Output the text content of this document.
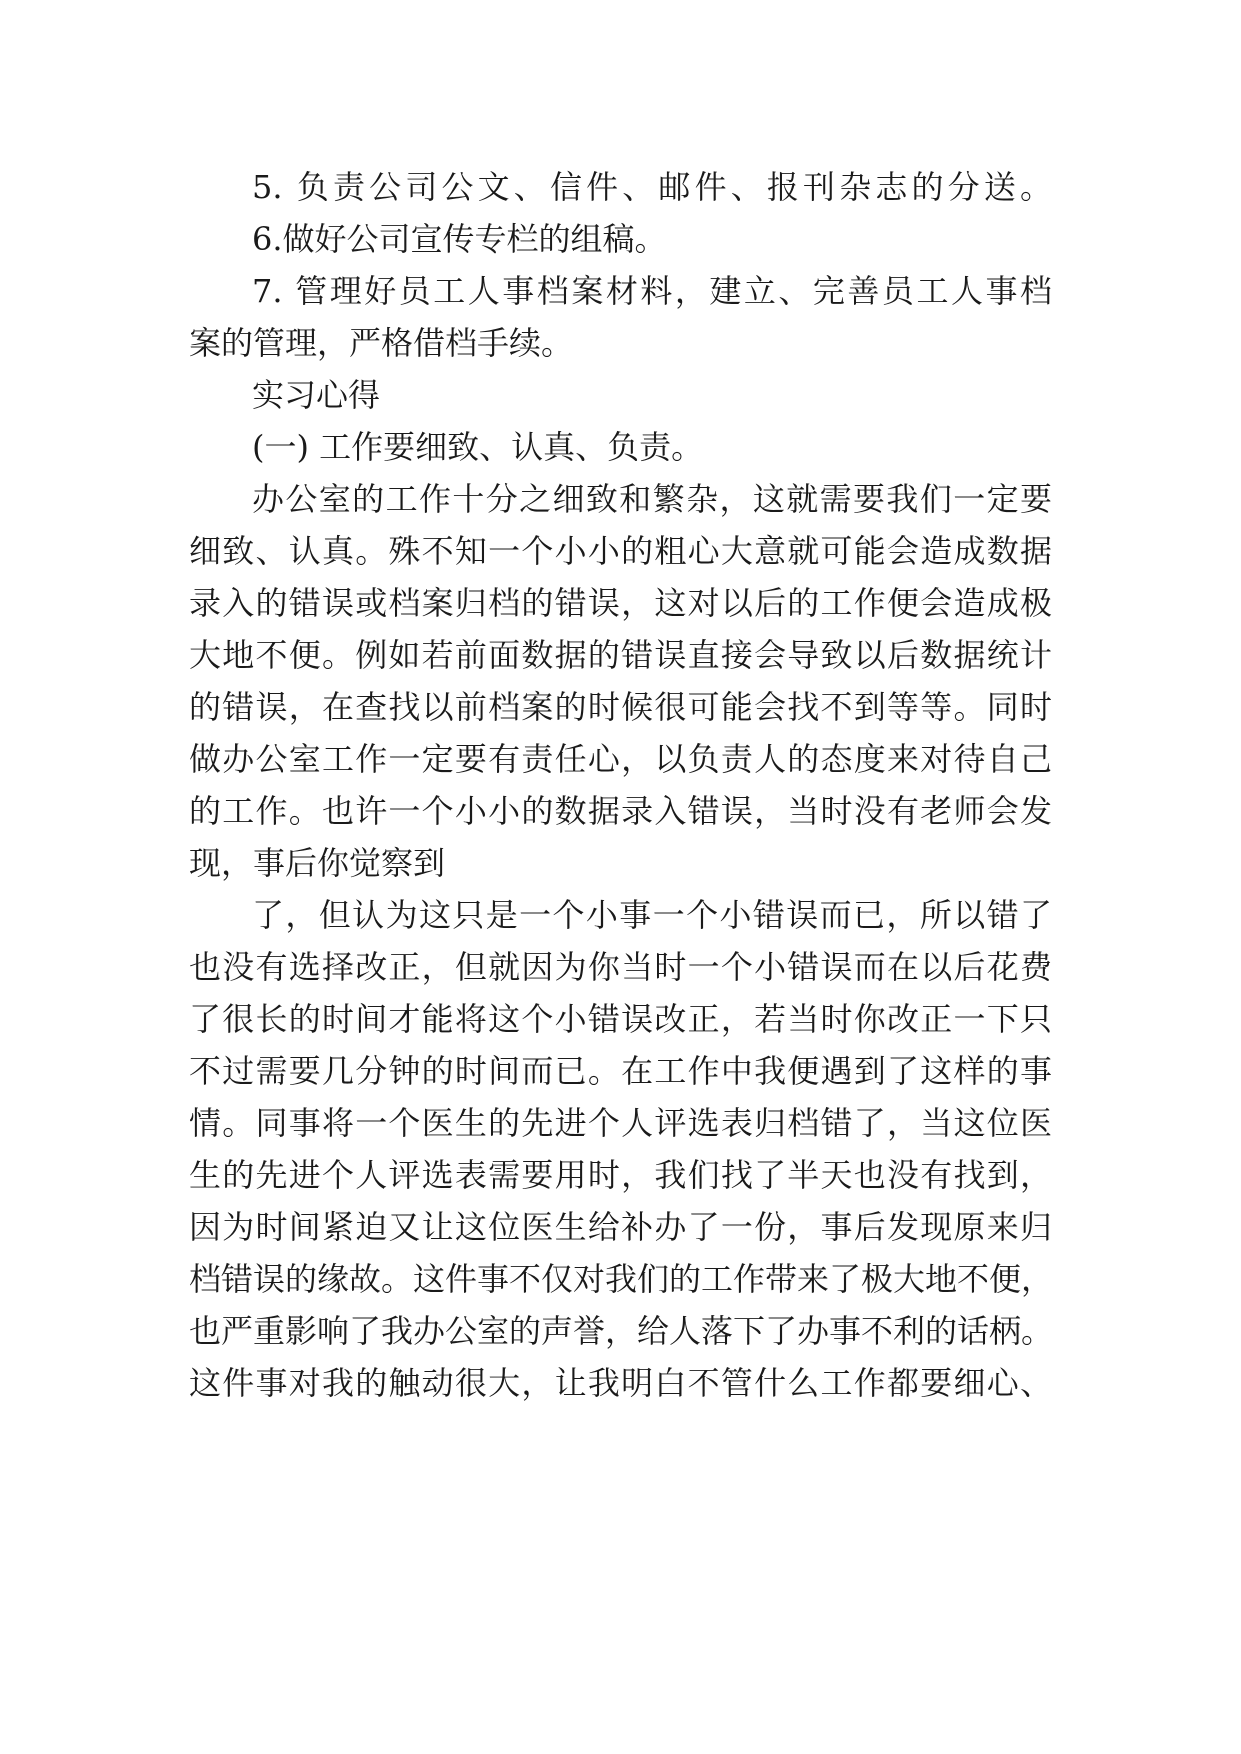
5. 负责公司公文、信件、邮件、报刊杂志的分送。
6.做好公司宣传专栏的组稿。
7. 管理好员工人事档案材料，建立、完善员工人事档
案的管理，严格借档手续。
实习心得
(一) 工作要细致、认真、负责。
办公室的工作十分之细致和繁杂，这就需要我们一定要
细致、认真。殊不知一个小小的粗心大意就可能会造成数据
录入的错误或档案归档的错误，这对以后的工作便会造成极
大地不便。例如若前面数据的错误直接会导致以后数据统计
的错误，在查找以前档案的时候很可能会找不到等等。同时
做办公室工作一定要有责任心，以负责人的态度来对待自己
的工作。也许一个小小的数据录入错误，当时没有老师会发
现，事后你觉察到
了，但认为这只是一个小事一个小错误而已，所以错了
也没有选择改正，但就因为你当时一个小错误而在以后花费
了很长的时间才能将这个小错误改正，若当时你改正一下只
不过需要几分钟的时间而已。在工作中我便遇到了这样的事
情。同事将一个医生的先进个人评选表归档错了，当这位医
生的先进个人评选表需要用时，我们找了半天也没有找到，
因为时间紧迫又让这位医生给补办了一份，事后发现原来归
档错误的缘故。这件事不仅对我们的工作带来了极大地不便，
也严重影响了我办公室的声誉，给人落下了办事不利的话柄。
这件事对我的触动很大，让我明白不管什么工作都要细心、
